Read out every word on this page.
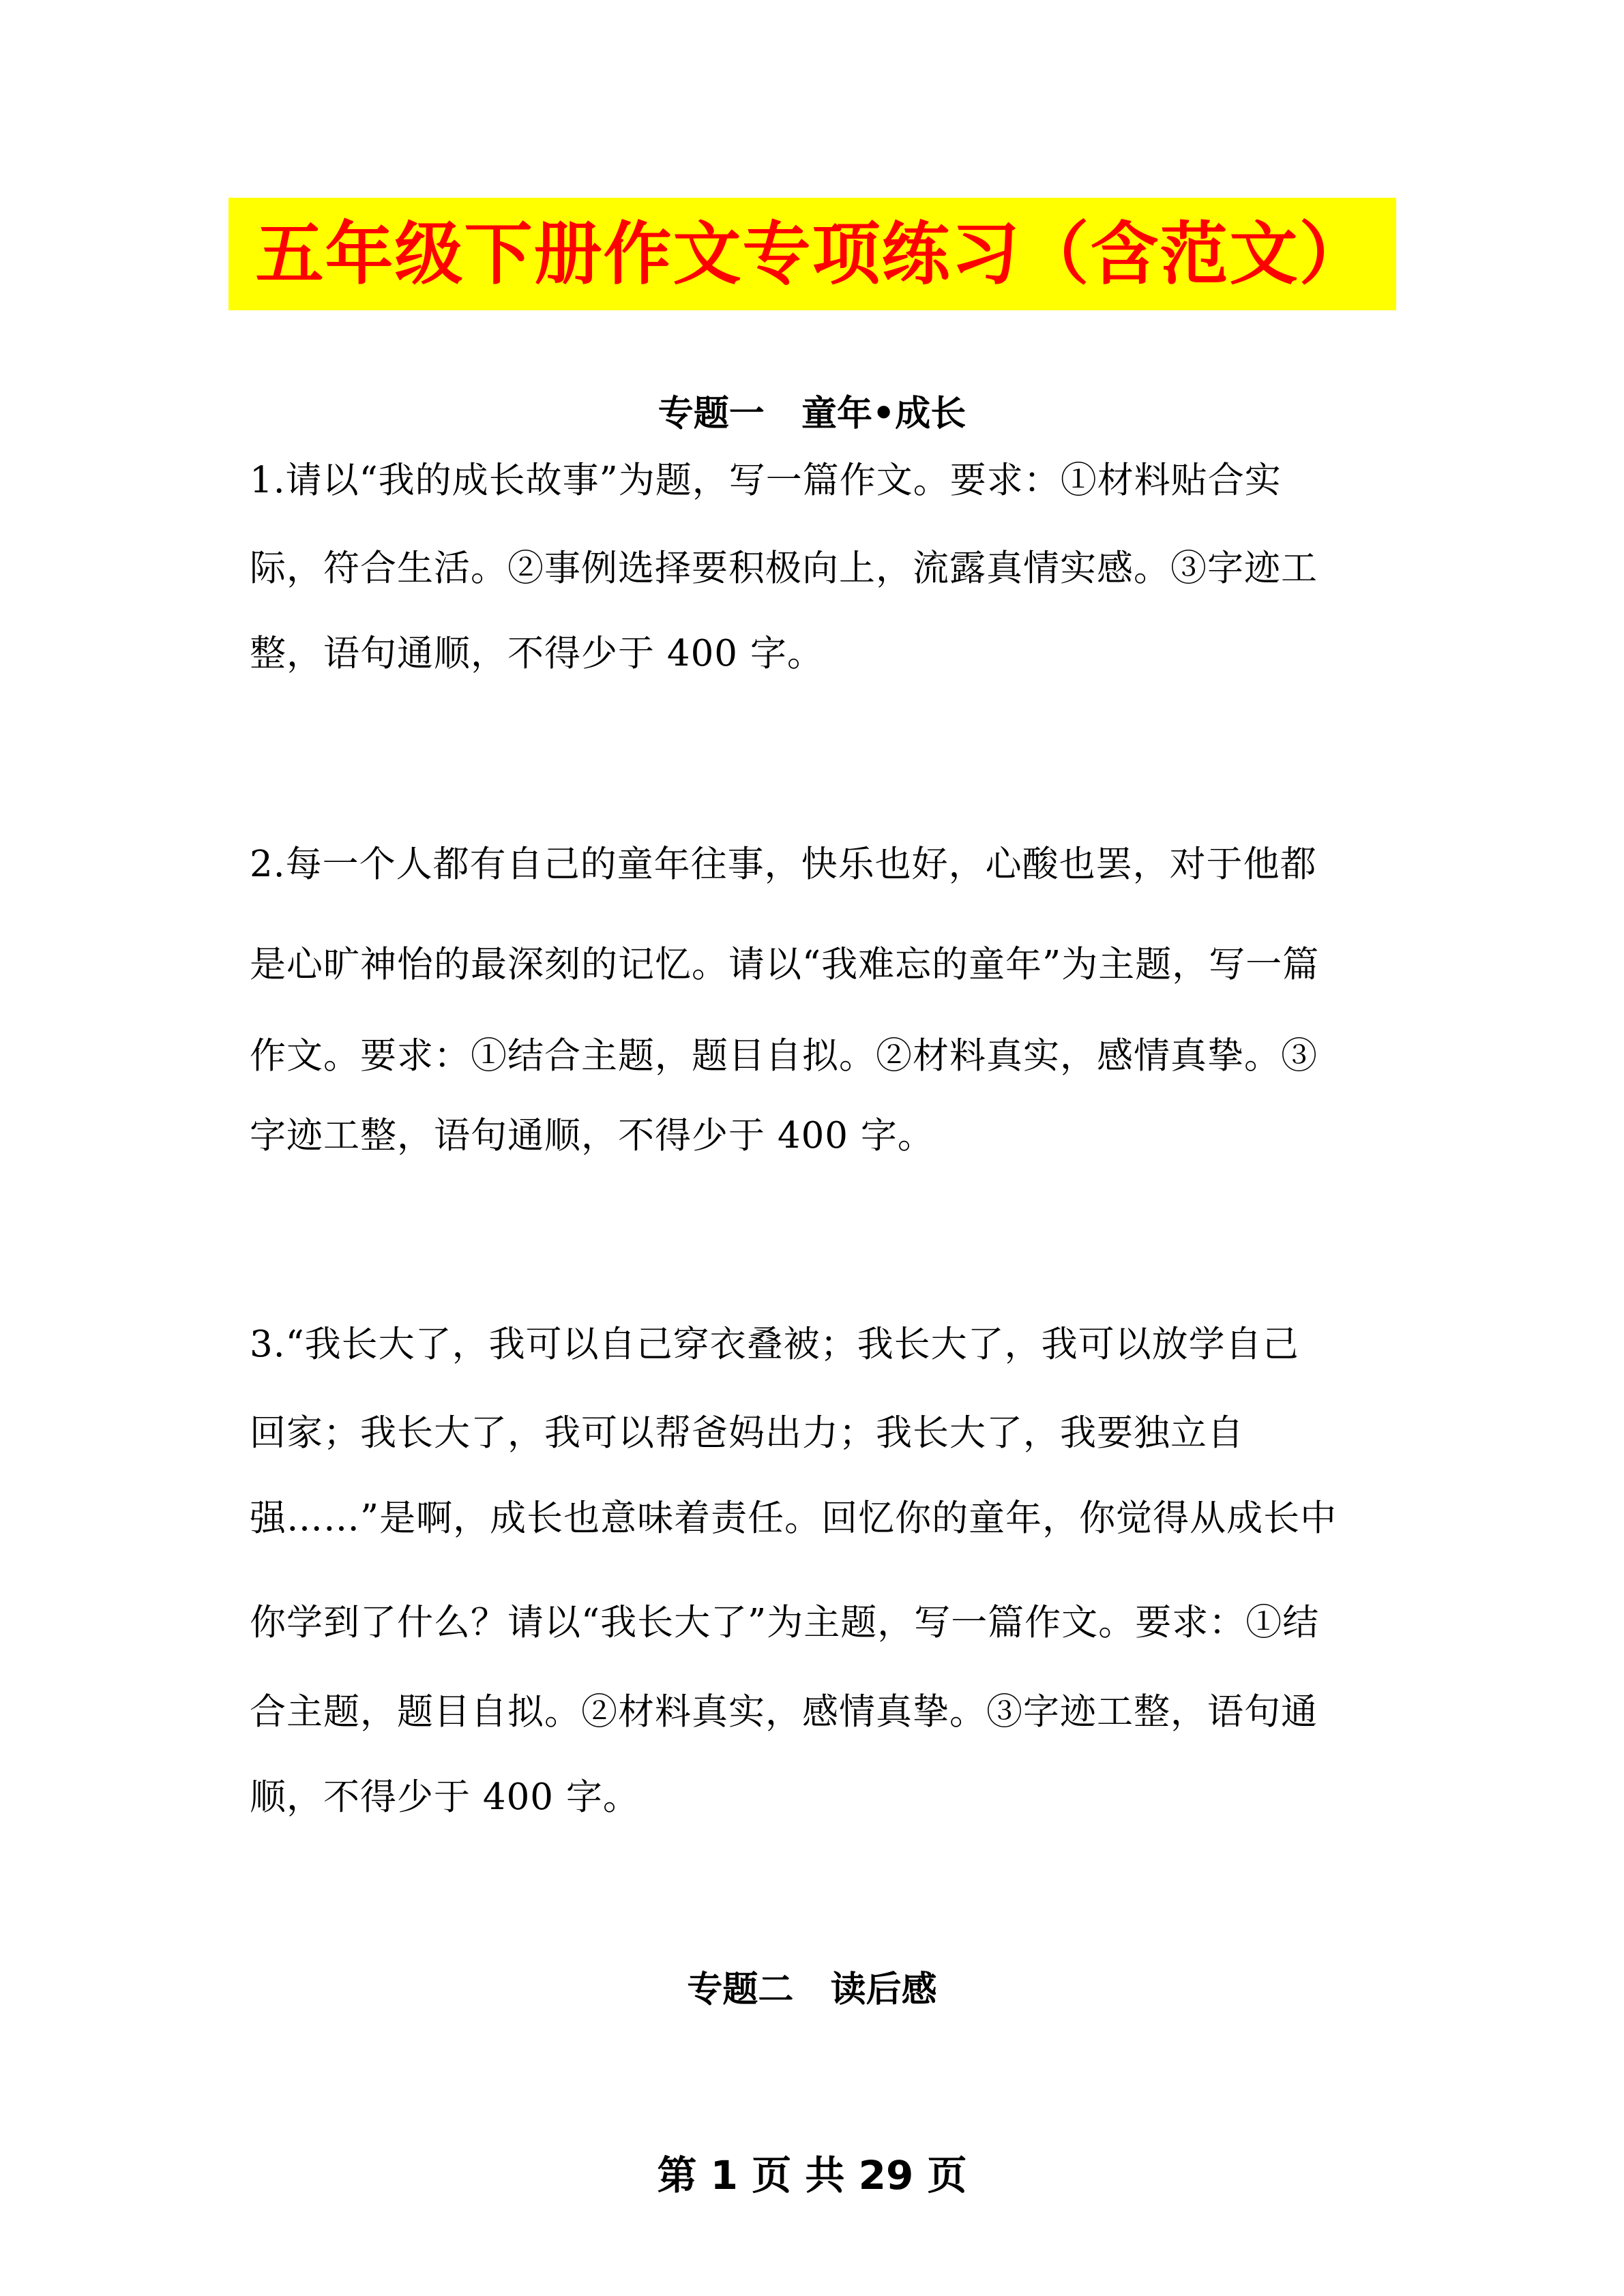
五年级下册作文专项练习（含范文）
专题一   童年•成长
1.请以“我的成长故事”为题，写一篇作文。要求：①材料贴合实
际，符合生活。②事例选择要积极向上，流露真情实感。③字迹工
整，语句通顺，不得少于 400 字。
2.每一个人都有自己的童年往事，快乐也好，心酸也罢，对于他都
是心旷神怡的最深刻的记忆。请以“我难忘的童年”为主题，写一篇
作文。要求：①结合主题，题目自拟。②材料真实，感情真挚。③
字迹工整，语句通顺，不得少于 400 字。
3.“我长大了，我可以自己穿衣叠被；我长大了，我可以放学自己
回家；我长大了，我可以帮爸妈出力；我长大了，我要独立自
强……”是啊，成长也意味着责任。回忆你的童年，你觉得从成长中
你学到了什么？请以“我长大了”为主题，写一篇作文。要求：①结
合主题，题目自拟。②材料真实，感情真挚。③字迹工整，语句通
顺，不得少于 400 字。
专题二   读后感
第 1 页 共 29 页
